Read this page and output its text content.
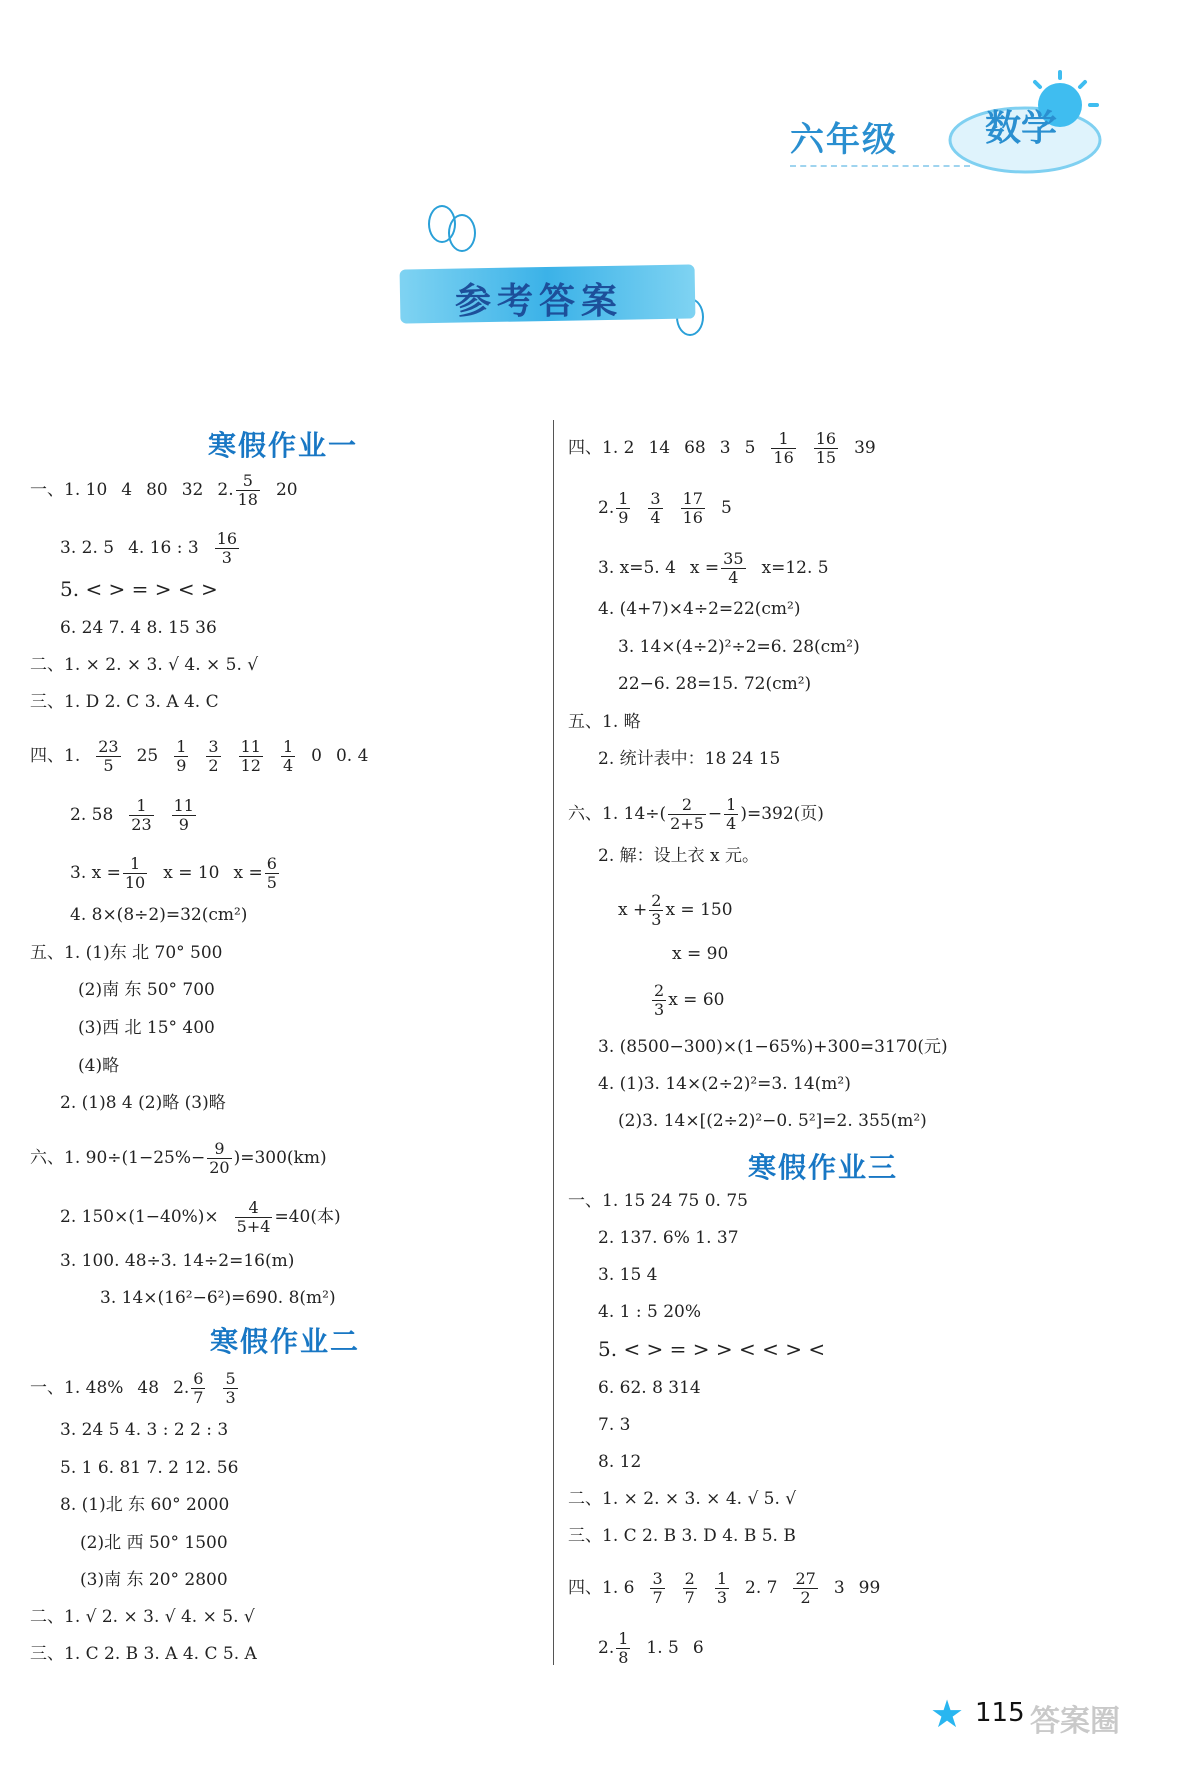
六年级 数学
参考答案
寒假作业一
一、1. 10 4 80 32 2. $\frac{5}{18} 20$
3. 2. 5 4. 16 : $3 \frac{16}{3}$
5. < > = > < >
6. 24 7. 4 8. 15 36
二、1. × 2. × 3. √ 4. × 5. √
三、1. D 2. C 3. A 4. C
四、1. $\frac{23}{5} 25 \frac{1}{9} \frac{3}{2} \frac{11}{12} \frac{1}{4} 0$ 0. 4
2. $58 \frac{1}{23} \frac{11}{9}$
3. $x = \frac{1}{10}$ x = 10 $x = \frac{6}{5}$
4. 8×(8÷2)=32(cm²)
五、1. (1)东 北 70° 500
(2)南 东 50° 700
(3)西 北 15° 400
(4)略
2. (1)8 4 (2)略 (3)略
六、1. $90\div(1-25\%- \frac{9}{20} )=300(km)$
2. $150\times(1-40\%)\times \frac{4}{5+4} =40$(本)
3. 100. 48÷3. 14÷2=16(m)
3. 14×(16²−6²)=690. 8(m²)
寒假作业二
一、1. 48% 48 2. $\frac{6}{7} \frac{5}{3}$
3. 24 5 4. 3 : 2 2 : 3
5. 1 6. 81 7. 2 12. 56
8. (1)北 东 60° 2000
(2)北 西 50° 1500
(3)南 东 20° 2800
二、1. √ 2. × 3. √ 4. × 5. √
三、1. C 2. B 3. A 4. C 5. A
四、1. 2 14 68 3 $5 \frac{1}{16} \frac{16}{15} 39$
2. $\frac{1}{9} \frac{3}{4} \frac{17}{16} 5$
3. x=5. 4 $x = \frac{35}{4} x=12$. 5
4. (4+7)×4÷2=22(cm²)
3. 14×(4÷2)²÷2=6. 28(cm²)
22−6. 28=15. 72(cm²)
五、1. 略
2. 统计表中：18 24 15
六、1. $14\div( \frac{2}{2+5} - \frac{1}{4} )=392$(页)
2. 解：设上衣 x 元。
$x + \frac{2}{3}$ x = 150
x = 90
$\frac{2}{3}$ x = 60
3. (8500−300)×(1−65%)+300=3170(元)
4. (1)3. 14×(2÷2)²=3. 14(m²)
(2)3. 14×[(2÷2)²−0. 5²]=2. 355(m²)
寒假作业三
一、1. 15 24 75 0. 75
2. 137. 6% 1. 37
3. 15 4
4. 1 : 5 20%
5. < > = > > < < > <
6. 62. 8 314
7. 3
8. 12
二、1. × 2. × 3. × 4. √ 5. √
三、1. C 2. B 3. D 4. B 5. B
四、1. $6 \frac{3}{7} \frac{2}{7} \frac{1}{3} 2$. $7 \frac{27}{2} 3$ 99
2. $\frac{1}{8} 1$. 5 6
★ 115 答案圈
